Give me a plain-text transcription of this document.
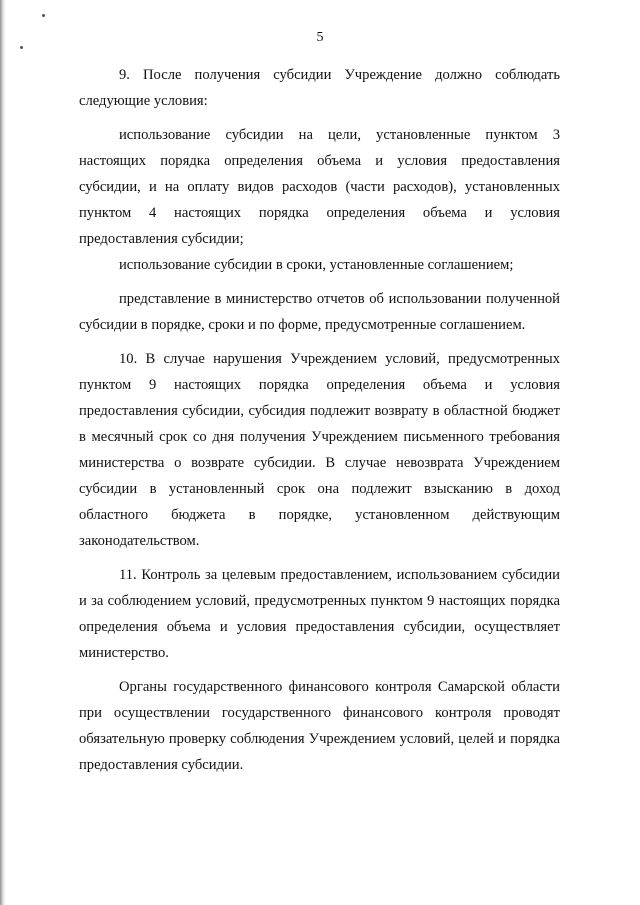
5

9. После получения субсидии Учреждение должно соблюдать следующие условия:

использование субсидии на цели, установленные пунктом 3 настоящих порядка определения объема и условия предоставления субсидии, и на оплату видов расходов (части расходов), установленных пунктом 4 настоящих порядка определения объема и условия предоставления субсидии;

использование субсидии в сроки, установленные соглашением;

представление в министерство отчетов об использовании полученной субсидии в порядке, сроки и по форме, предусмотренные соглашением.

10. В случае нарушения Учреждением условий, предусмотренных пунктом 9 настоящих порядка определения объема и условия предоставления субсидии, субсидия подлежит возврату в областной бюджет в месячный срок со дня получения Учреждением письменного требования министерства о возврате субсидии. В случае невозврата Учреждением субсидии в установленный срок она подлежит взысканию в доход областного бюджета в порядке, установленном действующим законодательством.

11. Контроль за целевым предоставлением, использованием субсидии и за соблюдением условий, предусмотренных пунктом 9 настоящих порядка определения объема и условия предоставления субсидии, осуществляет министерство.

Органы государственного финансового контроля Самарской области при осуществлении государственного финансового контроля проводят обязательную проверку соблюдения Учреждением условий, целей и порядка предоставления субсидии.
